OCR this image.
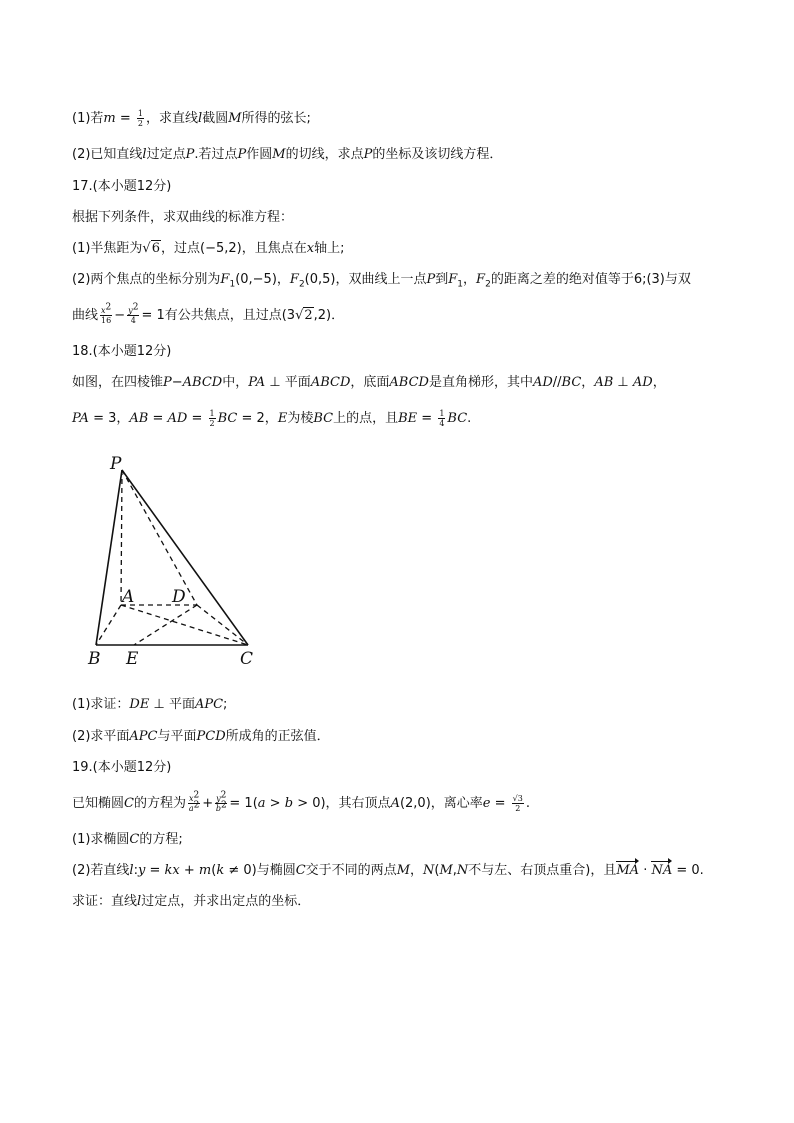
(1)若$m = \frac{1}{2}$ ，求直线l截圆M所得的弦长;
(2)已知直线l过定点P.若过点P作圆M的切线，求点P的坐标及该切线方程．
17.(本小题12分)
根据下列条件，求双曲线的标准方程：
(1)半焦距为√6，过点(−5,2)，且焦点在x轴上;
(2)两个焦点的坐标分别为$F_1(0,-5)$，$F_2(0,5)$，双曲线上一点P到$F_1$，$F_2$的距离之差的绝对值等于6;(3)与双
曲线 $\frac{x^2}{16} - \frac{y^2}{4} = 1$有公共焦点，且过点(3√2,2)．
18.(本小题12分)
如图，在四棱锥P−ABCD中，PA ⊥ 平面ABCD，底面ABCD是直角梯形，其中AD//BC，AB ⊥ AD，
PA = 3，AB = AD = $\frac{1}{2}$ BC = 2，E为棱BC上的点，且BE = $\frac{1}{4}$ BC.
P
A D
B E	C
(1)求证：DE ⊥ 平面APC;
(2)求平面APC与平面PCD所成角的正弦值．
19.(本小题12分)
已知椭圆C的方程为 $\frac{x^2}{a^2} + \frac{y^2}{b^2} = 1(a > b > 0)$，其右顶点A(2,0)，离心率$e = \frac{√3}{2}$ .
(1)求椭圆C的方程;
(2)若直线l:y = kx + m(k ≠ 0)与椭圆C交于不同的两点M，N(M,N不与左、右顶点重合)，且MA · NA = 0.
求证：直线l过定点，并求出定点的坐标．
